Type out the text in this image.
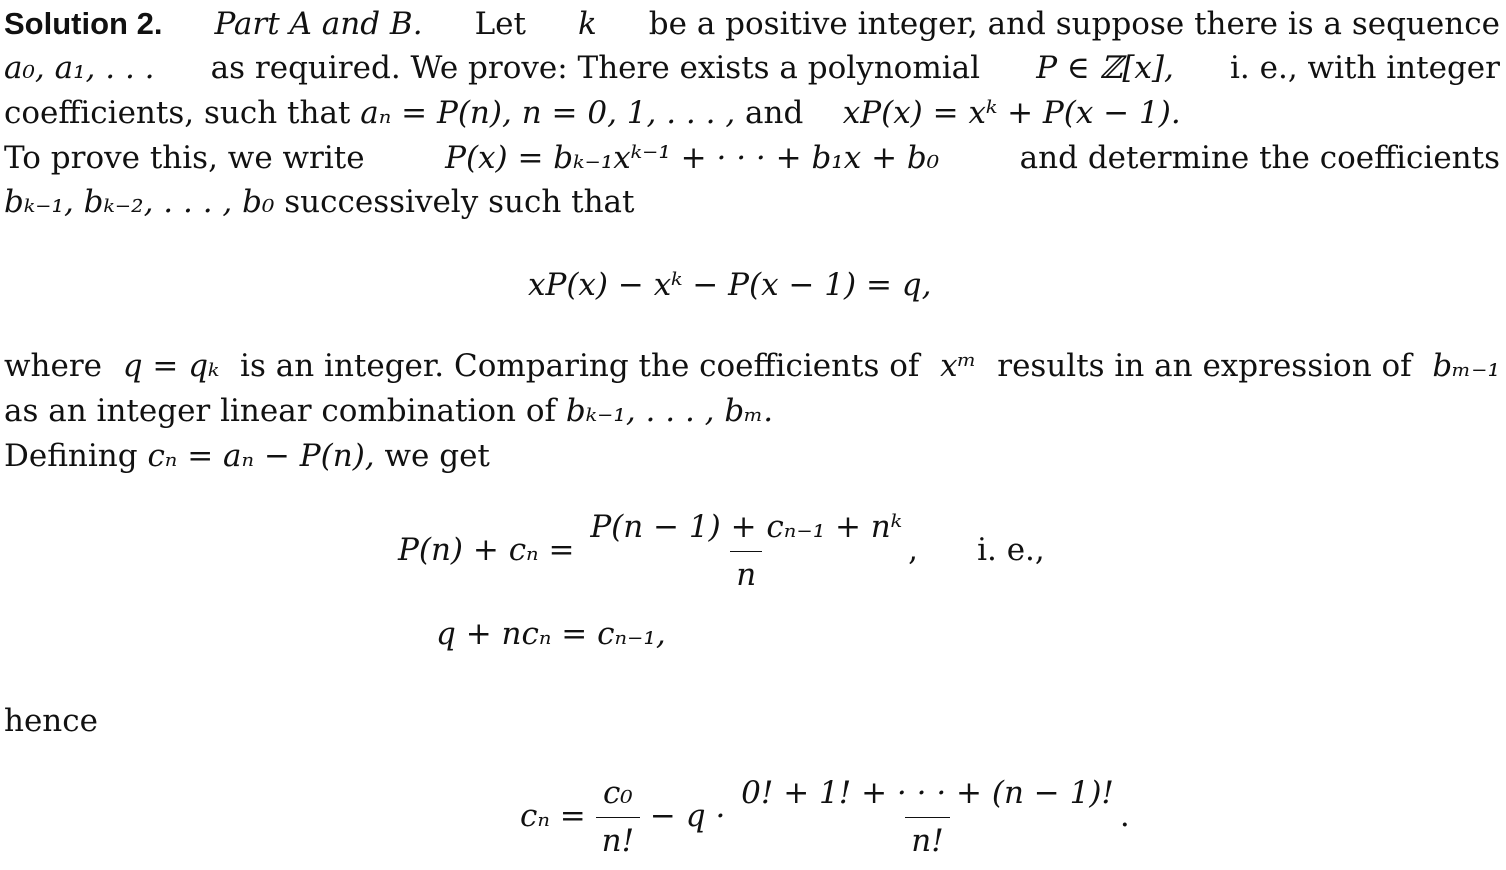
Solution 2. Part A and B. Let k be a positive integer, and suppose there is a sequence
a₀, a₁, . . . as required. We prove: There exists a polynomial P ∈ ℤ[x], i. e., with integer
coefficients, such that aₙ = P(n), n = 0, 1, . . . , and xP(x) = xᵏ + P(x − 1).
To prove this, we write	P(x) = bₖ₋₁xᵏ⁻¹ + · · · + b₁x + b₀	and determine the coefficients
bₖ₋₁, bₖ₋₂, . . . , b₀ successively such that
xP(x) − xᵏ − P(x − 1) = q,
where q = qₖ is an integer. Comparing the coefficients of xᵐ results in an expression of bₘ₋₁
as an integer linear combination of bₖ₋₁, . . . , bₘ.
Defining cₙ = aₙ − P(n), we get
$P(n) + c_n = \frac{\text{P(n − 1) + cₙ₋₁ + nᵏ}}{n}$ , i. e.,
q + ncₙ = cₙ₋₁,
hence
$c_n = \frac{\text{c₀}}{n!} - q \cdot \frac{0! + 1! + \cdot \cdot \cdot + (n - 1)!}{n!}$ .
